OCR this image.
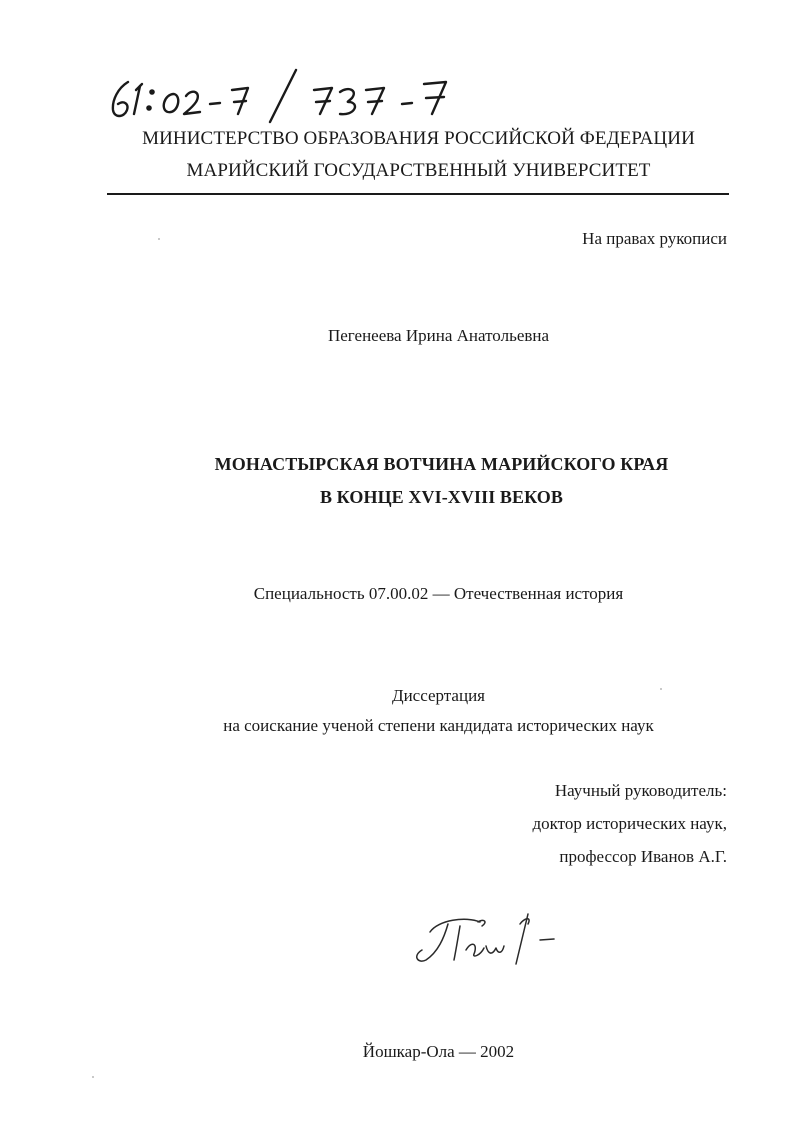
МИНИСТЕРСТВО ОБРАЗОВАНИЯ РОССИЙСКОЙ ФЕДЕРАЦИИ

МАРИЙСКИЙ ГОСУДАРСТВЕННЫЙ УНИВЕРСИТЕТ

На правах рукописи

Пегенеева Ирина Анатольевна

МОНАСТЫРСКАЯ ВОТЧИНА МАРИЙСКОГО КРАЯ

В КОНЦЕ XVI-XVIII ВЕКОВ

Специальность 07.00.02 — Отечественная история

Диссертация

на соискание ученой степени кандидата исторических наук

Научный руководитель:

доктор исторических наук,

профессор Иванов А.Г.

Йошкар-Ола — 2002
